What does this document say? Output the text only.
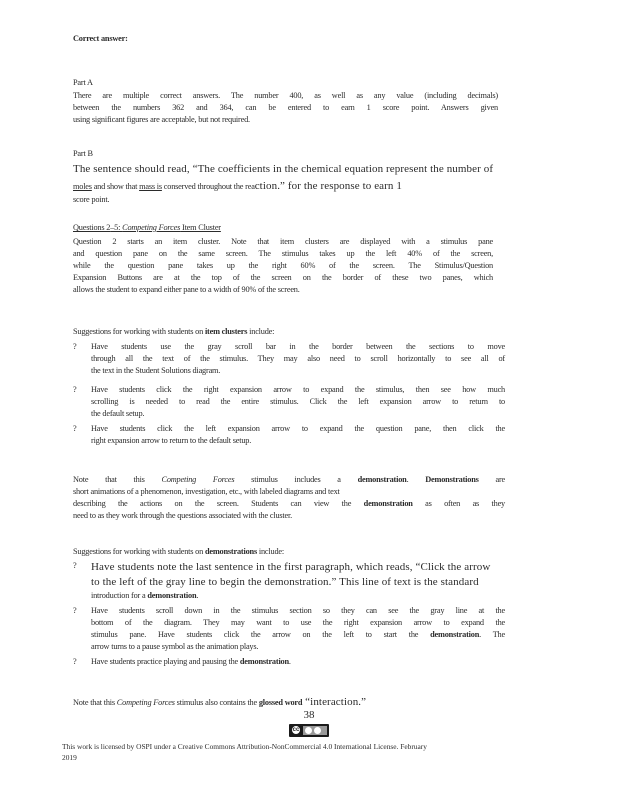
Correct answer:
Part A
There are multiple correct answers. The number 400, as well as any value (including decimals)
between the numbers 362 and 364, can be entered to earn 1 score point. Answers given
using significant figures are acceptable, but not required.
Part B
The sentence should read, “The coefficients in the chemical equation represent the number of
moles and show that mass is conserved throughout the reaction.” for the response to earn 1
score point.
Questions 2–5: Competing Forces Item Cluster
Question 2 starts an item cluster. Note that item clusters are displayed with a stimulus pane
and question pane on the same screen. The stimulus takes up the left 40% of the screen,
while the question pane takes up the right 60% of the screen. The Stimulus/Question
Expansion Buttons are at the top of the screen on the border of these two panes, which
allows the student to expand either pane to a width of 90% of the screen.
Suggestions for working with students on item clusters include:
? Have students use the gray scroll bar in the border between the sections to move
through all the text of the stimulus. They may also need to scroll horizontally to see all of
the text in the Student Solutions diagram.
? Have students click the right expansion arrow to expand the stimulus, then see how much
scrolling is needed to read the entire stimulus. Click the left expansion arrow to return to
the default setup.
? Have students click the left expansion arrow to expand the question pane, then click the
right expansion arrow to return to the default setup.
Note that this Competing Forces stimulus includes a demonstration. Demonstrations are
short animations of a phenomenon, investigation, etc., with labeled diagrams and text
describing the actions on the screen. Students can view the demonstration as often as they
need to as they work through the questions associated with the cluster.
Suggestions for working with students on demonstrations include:
? Have students note the last sentence in the first paragraph, which reads, “Click the arrow
to the left of the gray line to begin the demonstration.” This line of text is the standard
introduction for a demonstration.
? Have students scroll down in the stimulus section so they can see the gray line at the
bottom of the diagram. They may want to use the right expansion arrow to expand the
stimulus pane. Have students click the arrow on the left to start the demonstration. The
arrow turns to a pause symbol as the animation plays.
? Have students practice playing and pausing the demonstration.
Note that this Competing Forces stimulus also contains the glossed word “interaction.”
38
cc
This work is licensed by OSPI under a Creative Commons Attribution-NonCommercial 4.0 International License. February
2019
